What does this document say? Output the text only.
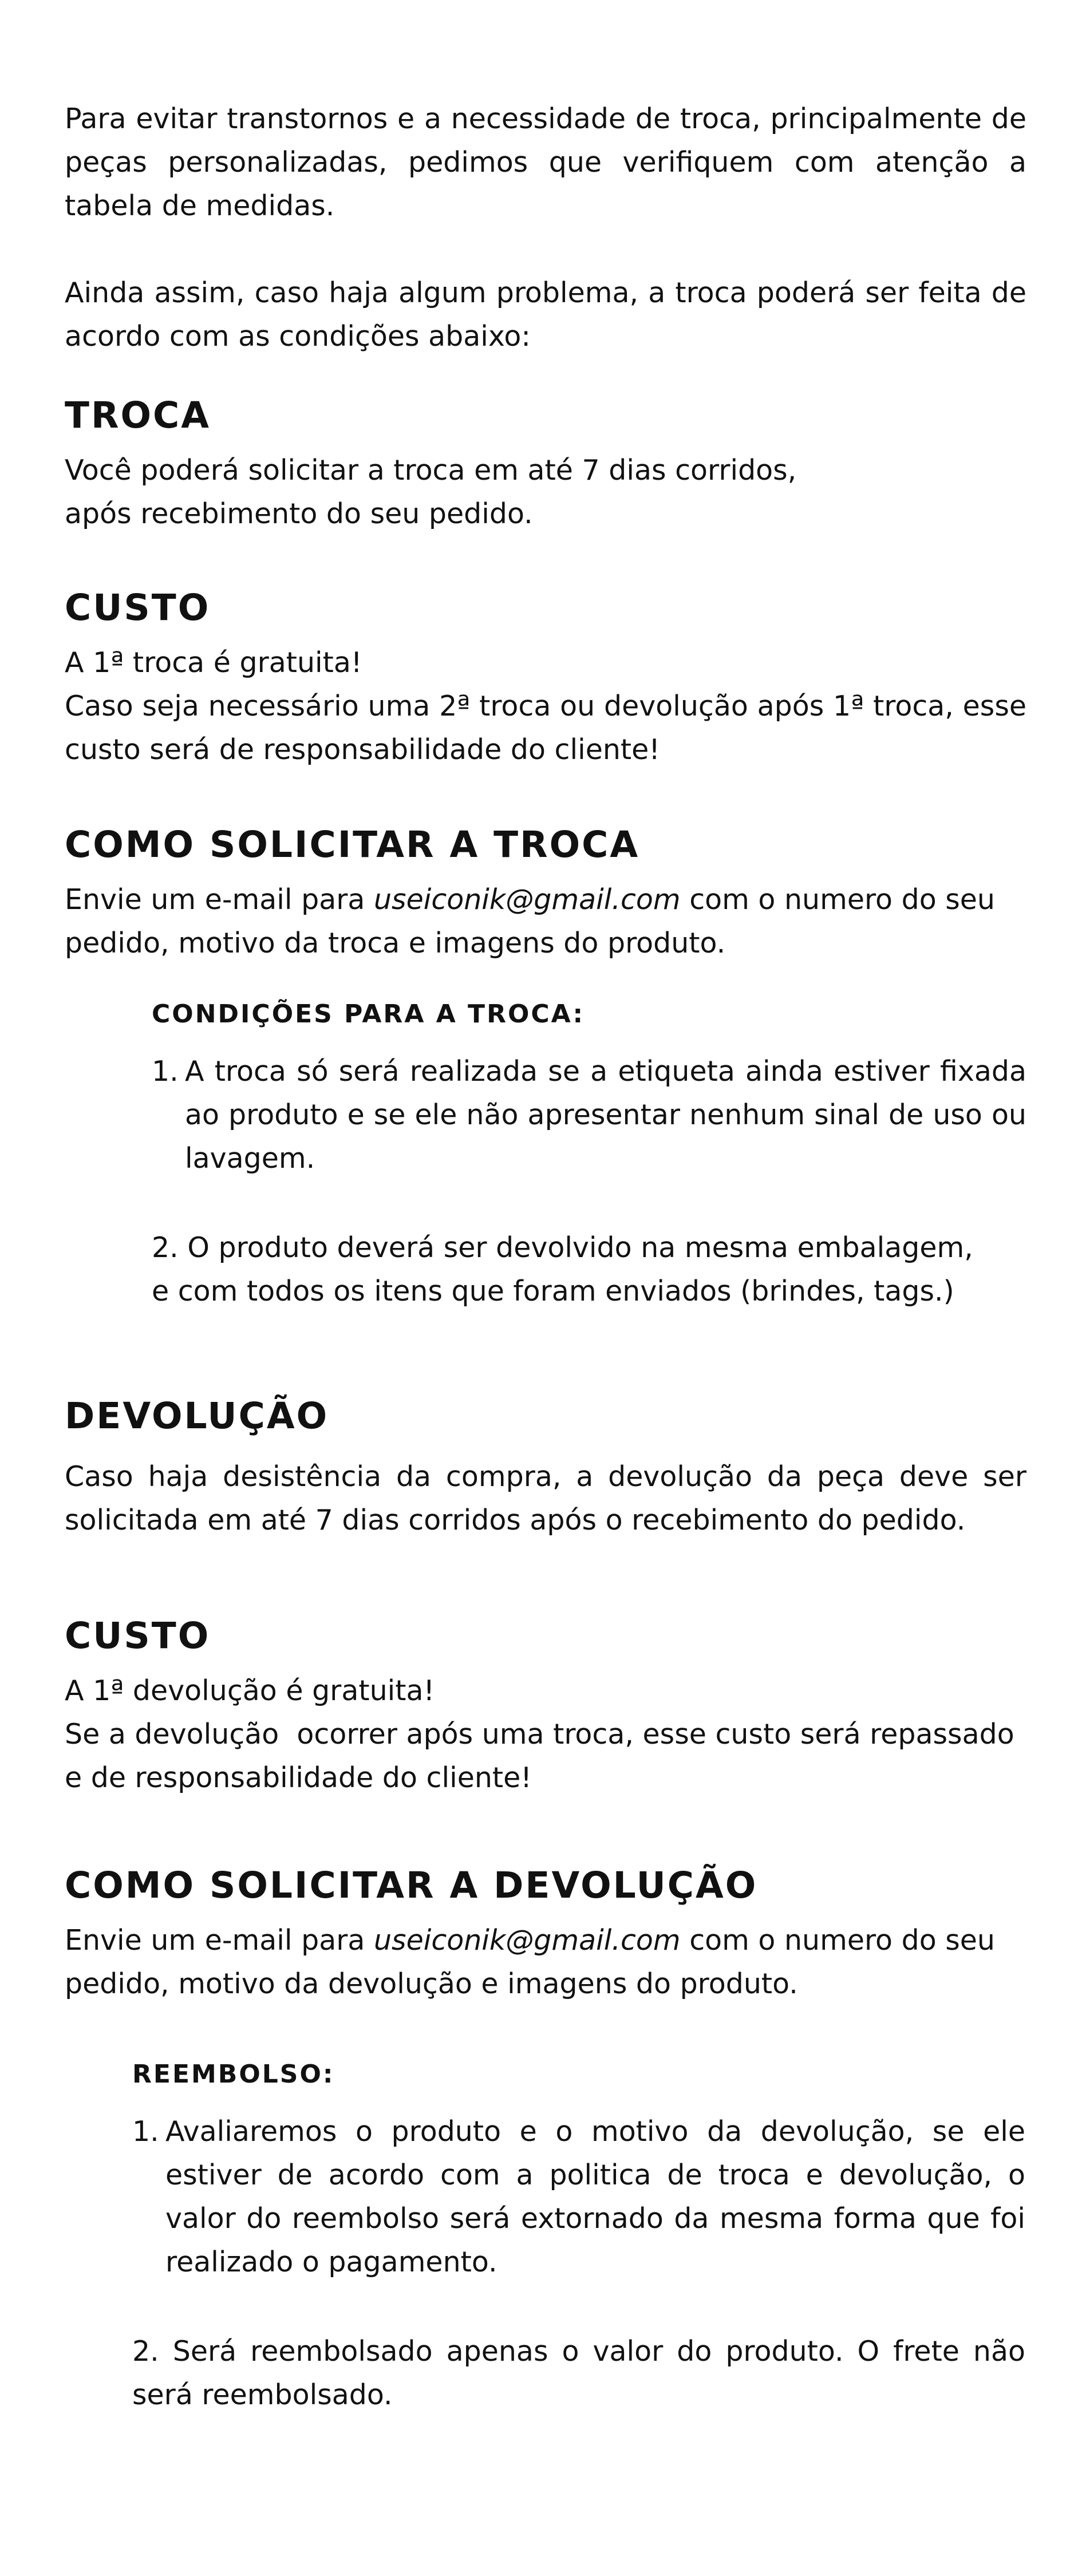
Para evitar transtornos e a necessidade de troca, principalmente de peças personalizadas, pedimos que verifiquem com atenção a tabela de medidas.

Ainda assim, caso haja algum problema, a troca poderá ser feita de acordo com as condições abaixo:

TROCA

Você poderá solicitar a troca em até 7 dias corridos,

após recebimento do seu pedido.

CUSTO

A 1ª troca é gratuita!

Caso seja necessário uma 2ª troca ou devolução após 1ª troca, esse custo será de responsabilidade do cliente!

COMO SOLICITAR A TROCA

Envie um e-mail para useiconik@gmail.com com o numero do seu pedido, motivo da troca e imagens do produto.

CONDIÇÕES PARA A TROCA:
1. A troca só será realizada se a etiqueta ainda estiver fixada ao produto e se ele não apresentar nenhum sinal de uso ou lavagem.

2. O produto deverá ser devolvido na mesma embalagem,

e com todos os itens que foram enviados (brindes, tags.)

DEVOLUÇÃO

Caso haja desistência da compra, a devolução da peça deve ser solicitada em até 7 dias corridos após o recebimento do pedido.

CUSTO

A 1ª devolução é gratuita!

Se a devolução  ocorrer após uma troca, esse custo será repassado

e de responsabilidade do cliente!

COMO SOLICITAR A DEVOLUÇÃO

Envie um e-mail para useiconik@gmail.com com o numero do seu pedido, motivo da devolução e imagens do produto.

REEMBOLSO:
1. Avaliaremos o produto e o motivo da devolução, se ele estiver de acordo com a politica de troca e devolução, o valor do reembolso será extornado da mesma forma que foi realizado o pagamento.

2. Será reembolsado apenas o valor do produto. O frete não será reembolsado.
